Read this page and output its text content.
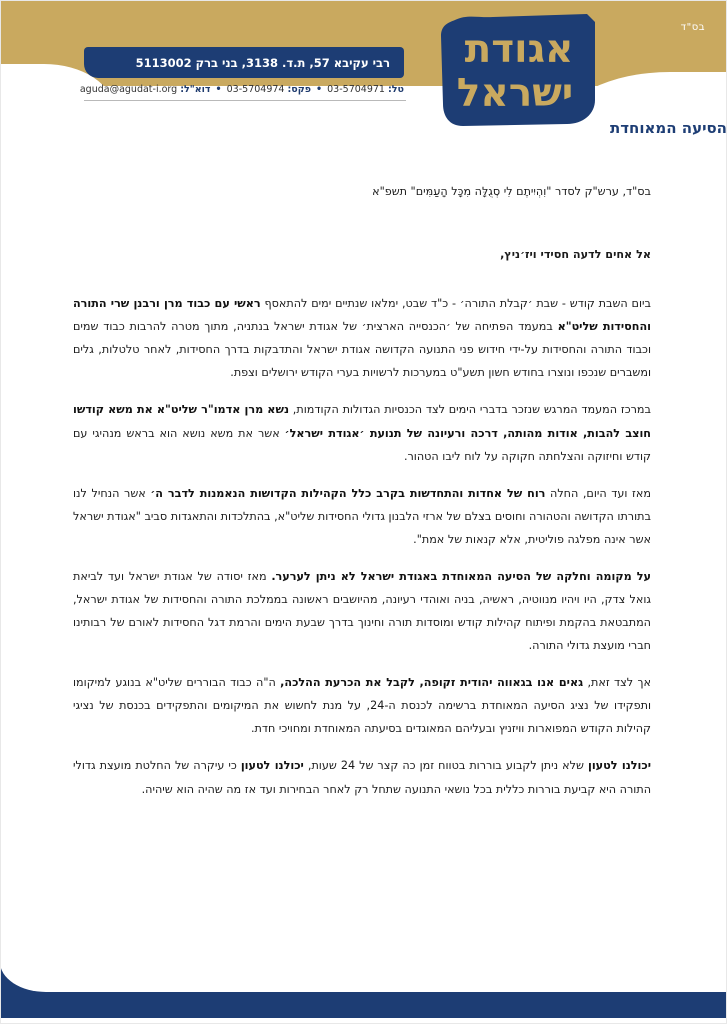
בס"ד
אגודת
ישראל
רבי עקיבא 57, ת.ד. 3138, בני ברק 5113002
טל: 03-5704971 • פקס: 03-5704974 • דוא"ל: aguda@agudat-i.org
הסיעה המאוחדת

בס"ד, ערש"ק לסדר "וִהְיִיתֶם לִי סְגֻלָּה מִכָּל הָעַמִּים" תשפ"א

אל אחים לדעה חסידי ויז׳ניץ,

ביום השבת קודש - שבת ׳קבלת התורה׳ - כ"ד שבט, ימלאו שנתיים ימים להתאסף ראשי עם כבוד מרן ורבנן שרי התורה והחסידות שליט"א במעמד הפתיחה של ׳הכנסייה הארצית׳ של אגודת ישראל בנתניה, מתוך מטרה להרבות כבוד שמים וכבוד התורה והחסידות על-ידי חידוש פני התנועה הקדושה אגודת ישראל והתדבקות בדרך החסידות, לאחר טלטלות, גלים ומשברים שנכפו ונוצרו בחודש חשון תשע"ט במערכות לרשויות בערי הקודש ירושלים וצפת.

במרכז המעמד המרגש שנזכר בדברי הימים לצד הכנסיות הגדולות הקודמות, נשא מרן אדמו"ר שליט"א את משא קודשו חוצב להבות, אודות מהותה, דרכה ורעיונה של תנועת ׳אגודת ישראל׳ אשר את משא נושא הוא בראש מנהיגי עם קודש וחיזוקה והצלחתה חקוקה על לוח ליבו הטהור.

מאז ועד היום, החלה רוח של אחדות והתחדשות בקרב כלל הקהילות הקדושות הנאמנות לדבר ה׳ אשר הנחיל לנו בתורתו הקדושה והטהורה וחוסים בצלם של ארזי הלבנון גדולי החסידות שליט"א, בהתלכדות והתאגדות סביב "אגודת ישראל אשר אינה מפלגה פוליטית, אלא קנאות של אמת".

על מקומה וחלקה של הסיעה המאוחדת באגודת ישראל לא ניתן לערער. מאז יסודה של אגודת ישראל ועד לביאת גואל צדק, היו ויהיו מנווטיה, ראשיה, בניה ואוהדי רעיונה, מהיושבים ראשונה בממלכת התורה והחסידות של אגודת ישראל, המתבטאת בהקמת ופיתוח קהילות קודש ומוסדות תורה וחינוך בדרך שבעת הימים והרמת דגל החסידות לאורם של רבותינו חברי מועצת גדולי התורה.

אך לצד זאת, גאים אנו בגאווה יהודית זקופה, לקבל את הכרעת ההלכה, ה"ה כבוד הבוררים שליט"א בנוגע למיקומו ותפקידו של נציג הסיעה המאוחדת ברשימה לכנסת ה-24, על מנת לחשוש את המיקומים והתפקידים בכנסת של נציגי קהילות הקודש המפוארות וויזניץ ובעליהם המאוגדים בסיעתה המאוחדת ומחויכי חדת.

יכולנו לטעון שלא ניתן לקבוע בוררות בטווח זמן כה קצר של 24 שעות, יכולנו לטעון כי עיקרה של החלטת מועצת גדולי התורה היא קביעת בוררות כללית בכל נושאי התנועה שתחל רק לאחר הבחירות ועד אז מה שהיה הוא שיהיה.
